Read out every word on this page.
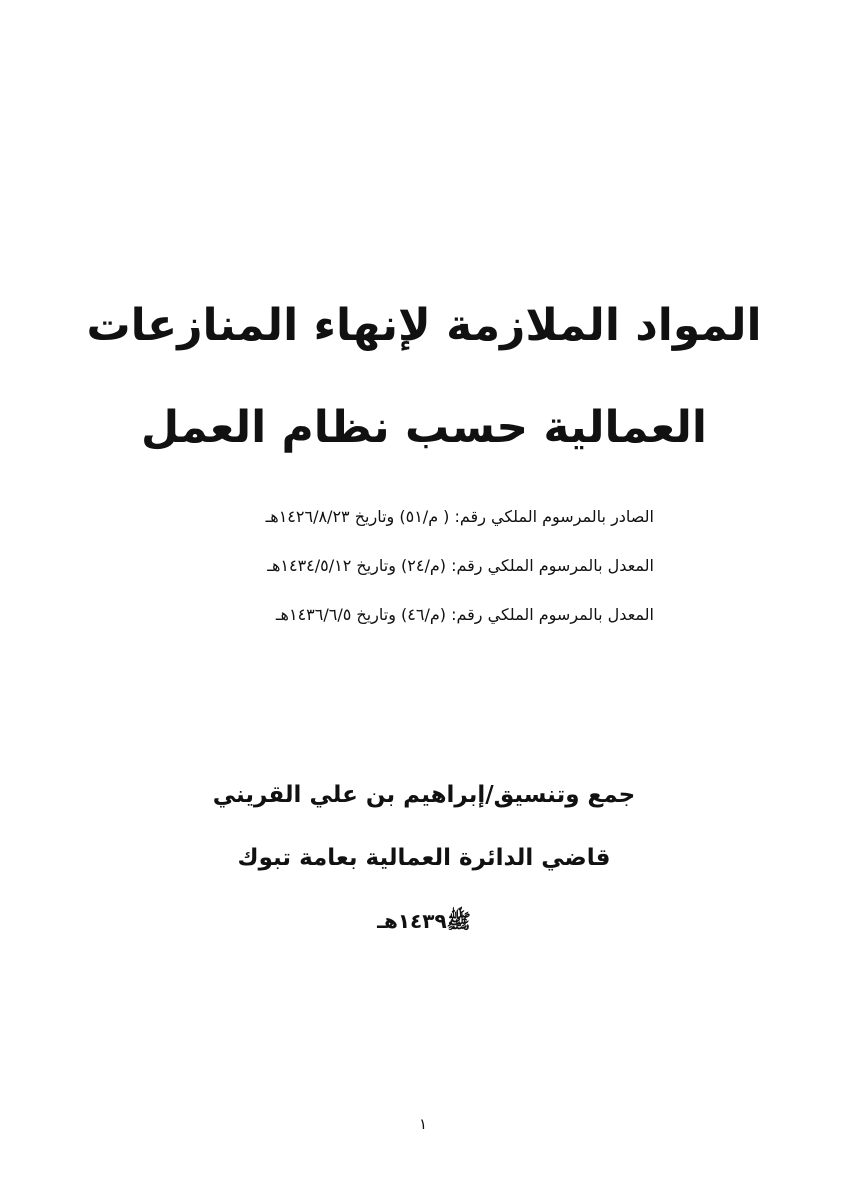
المواد الملازمة لإنهاء المنازعات
العمالية حسب نظام العمل
الصادر بالمرسوم الملكي رقم: ( م/٥١) وتاريخ ١٤٢٦/٨/٢٣هـ
المعدل بالمرسوم الملكي رقم: (م/٢٤) وتاريخ ١٤٣٤/٥/١٢هـ
المعدل بالمرسوم الملكي رقم: (م/٤٦) وتاريخ ١٤٣٦/٦/٥هـ
جمع وتنسيق/إبراهيم بن علي القريني
قاضي الدائرة العمالية بعامة تبوك
ﷺ١٤٣٩هـ
١
